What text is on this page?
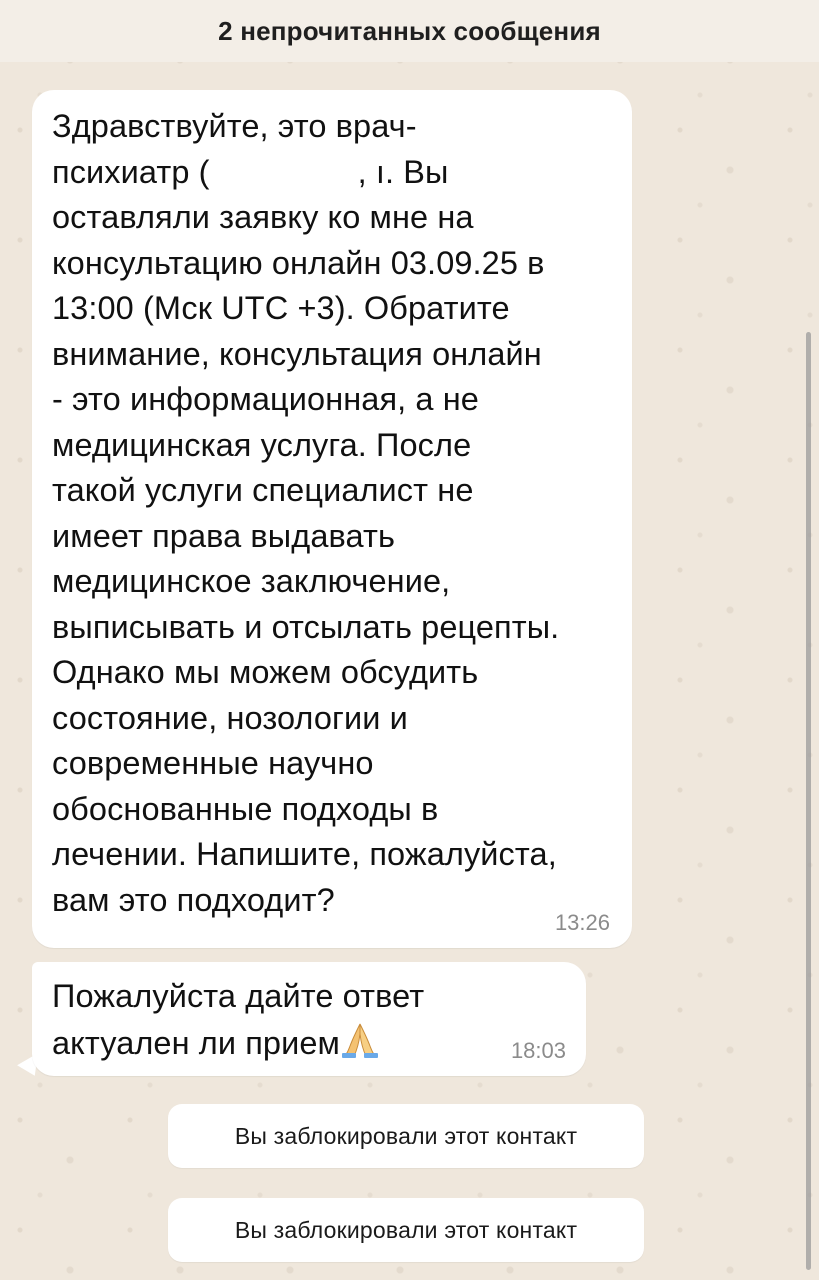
2 непрочитанных сообщения
Здравствуйте, это врач-
психиатр (	, ı. Вы
оставляли заявку ко мне на
консультацию онлайн 03.09.25 в
13:00 (Мск UTC +3). Обратите
внимание, консультация онлайн
- это информационная, а не
медицинская услуга. После
такой услуги специалист не
имеет права выдавать
медицинское заключение,
выписывать и отсылать рецепты.
Однако мы можем обсудить
состояние, нозологии и
современные научно
обоснованные подходы в
лечении. Напишите, пожалуйста,
вам это подходит?
13:26
Пожалуйста дайте ответ
актуален ли прием	18:03
Вы заблокировали этот контакт
Вы заблокировали этот контакт
